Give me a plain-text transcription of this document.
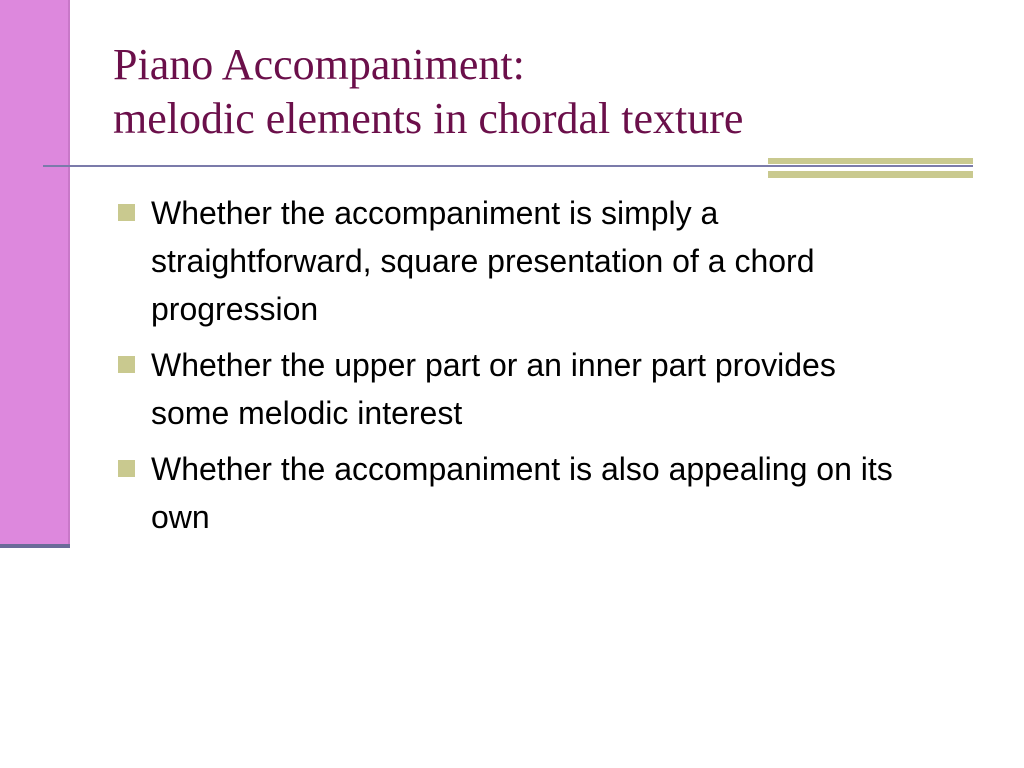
Piano Accompaniment:
melodic elements in chordal texture
Whether the accompaniment is simply a straightforward, square presentation of a chord progression
Whether the upper part or an inner part provides some melodic interest
Whether the accompaniment is also appealing on its own
